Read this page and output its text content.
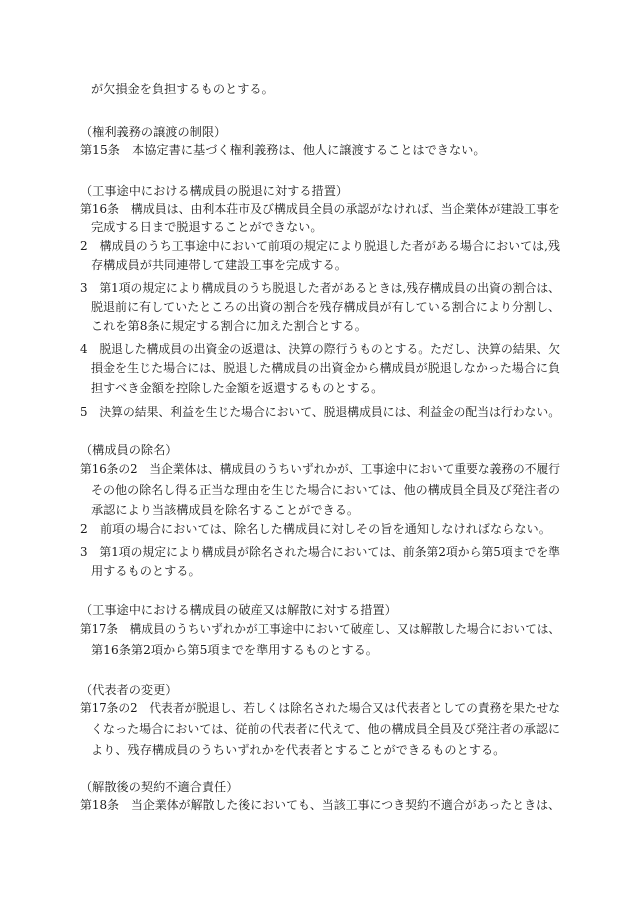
が欠損金を負担するものとする。
（権利義務の譲渡の制限）
第15条　本協定書に基づく権利義務は、他人に譲渡することはできない。
（工事途中における構成員の脱退に対する措置）
第16条　構成員は、由利本荘市及び構成員全員の承認がなければ、当企業体が建設工事を
完成する日まで脱退することができない。
2　構成員のうち工事途中において前項の規定により脱退した者がある場合においては,残
存構成員が共同連帯して建設工事を完成する。
3　第1項の規定により構成員のうち脱退した者があるときは,残存構成員の出資の割合は、
脱退前に有していたところの出資の割合を残存構成員が有している割合により分割し、
これを第8条に規定する割合に加えた割合とする。
4　脱退した構成員の出資金の返還は、決算の際行うものとする。ただし、決算の結果、欠
損金を生じた場合には、脱退した構成員の出資金から構成員が脱退しなかった場合に負
担すべき金額を控除した金額を返還するものとする。
5　決算の結果、利益を生じた場合において、脱退構成員には、利益金の配当は行わない。
（構成員の除名）
第16条の2　当企業体は、構成員のうちいずれかが、工事途中において重要な義務の不履行
その他の除名し得る正当な理由を生じた場合においては、他の構成員全員及び発注者の
承認により当該構成員を除名することができる。
2　前項の場合においては、除名した構成員に対しその旨を通知しなければならない。
3　第1項の規定により構成員が除名された場合においては、前条第2項から第5項までを準
用するものとする。
（工事途中における構成員の破産又は解散に対する措置）
第17条　構成員のうちいずれかが工事途中において破産し、又は解散した場合においては、
第16条第2項から第5項までを準用するものとする。
（代表者の変更）
第17条の2　代表者が脱退し、若しくは除名された場合又は代表者としての責務を果たせな
くなった場合においては、従前の代表者に代えて、他の構成員全員及び発注者の承認に
より、残存構成員のうちいずれかを代表者とすることができるものとする。
（解散後の契約不適合責任）
第18条　当企業体が解散した後においても、当該工事につき契約不適合があったときは、
